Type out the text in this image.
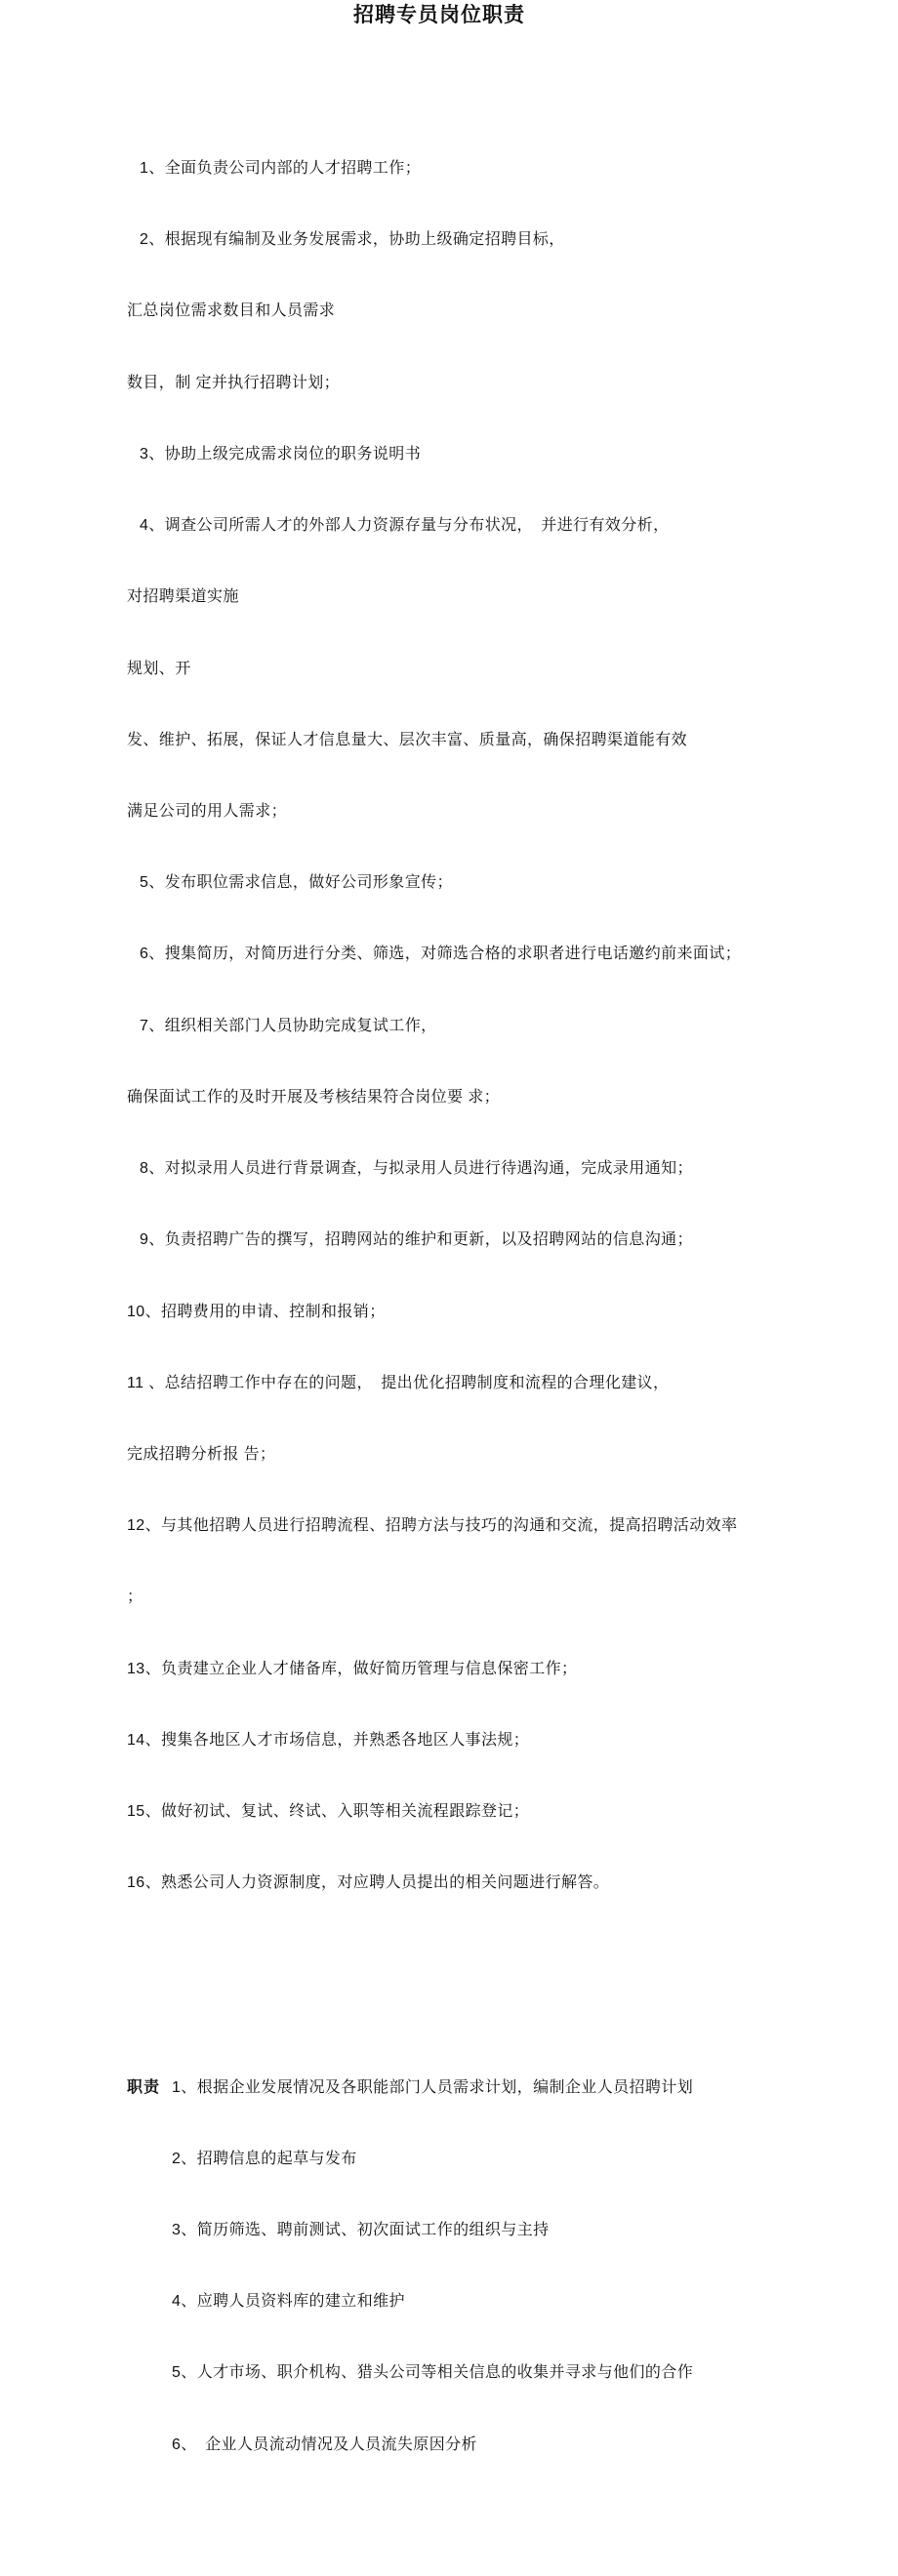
招聘专员岗位职责

1、全面负责公司内部的人才招聘工作；

2、根据现有编制及业务发展需求，协助上级确定招聘目标，

汇总岗位需求数目和人员需求

数目，制 定并执行招聘计划；

3、协助上级完成需求岗位的职务说明书

4、调查公司所需人才的外部人力资源存量与分布状况，　并进行有效分析，

对招聘渠道实施

规划、开

发、维护、拓展，保证人才信息量大、层次丰富、质量高，确保招聘渠道能有效

满足公司的用人需求；

5、发布职位需求信息，做好公司形象宣传；

6、搜集简历，对简历进行分类、筛选，对筛选合格的求职者进行电话邀约前来面试；

7、组织相关部门人员协助完成复试工作，

确保面试工作的及时开展及考核结果符合岗位要 求；

8、对拟录用人员进行背景调查，与拟录用人员进行待遇沟通，完成录用通知；

9、负责招聘广告的撰写，招聘网站的维护和更新，以及招聘网站的信息沟通；

10、招聘费用的申请、控制和报销；

11 、总结招聘工作中存在的问题，　提出优化招聘制度和流程的合理化建议，

完成招聘分析报 告；

12、与其他招聘人员进行招聘流程、招聘方法与技巧的沟通和交流，提高招聘活动效率

；

13、负责建立企业人才储备库，做好简历管理与信息保密工作；

14、搜集各地区人才市场信息，并熟悉各地区人事法规；

15、做好初试、复试、终试、入职等相关流程跟踪登记；

16、熟悉公司人力资源制度，对应聘人员提出的相关问题进行解答。

职责 1、根据企业发展情况及各职能部门人员需求计划，编制企业人员招聘计划

2、招聘信息的起草与发布

3、简历筛选、聘前测试、初次面试工作的组织与主持

4、应聘人员资料库的建立和维护

5、人才市场、职介机构、猎头公司等相关信息的收集并寻求与他们的合作

6、　企业人员流动情况及人员流失原因分析
